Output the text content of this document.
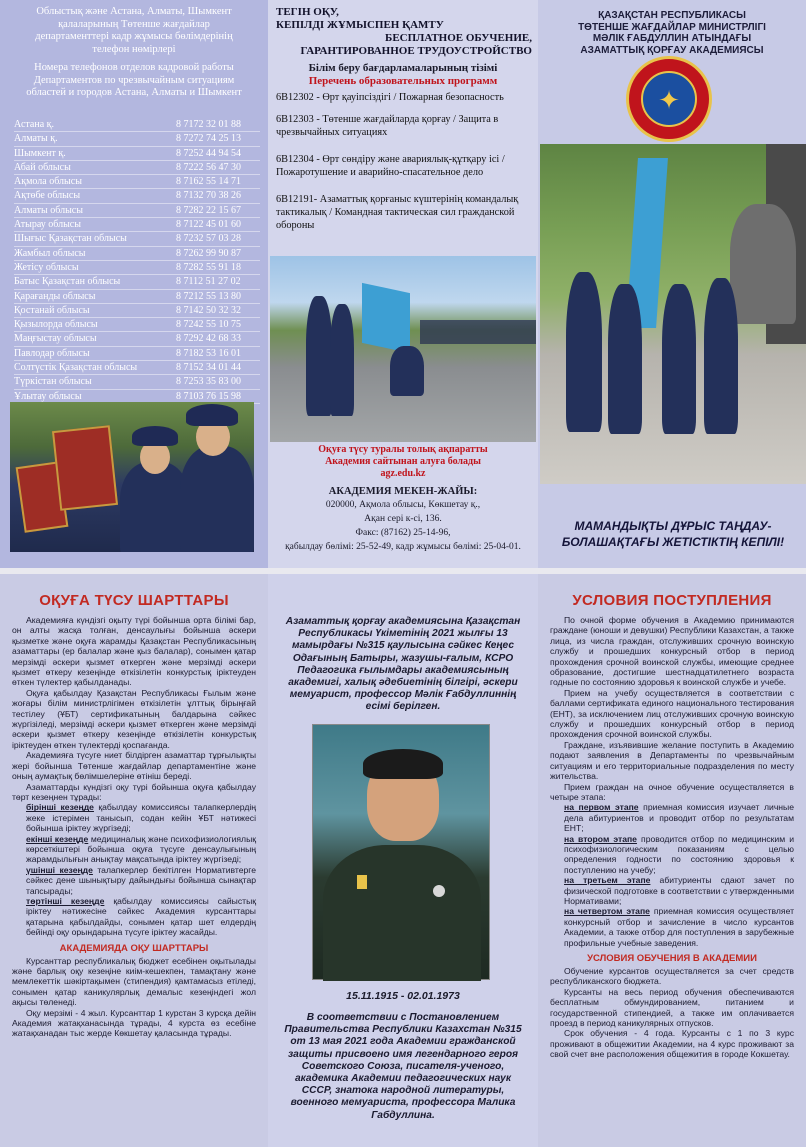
Облыстық және Астана, Алматы, Шымкент
қалаларының Төтенше жағдайлар
департаменттері кадр жұмысы бөлімдерінің
телефон нөмірлері
Номера телефонов отделов кадровой работы
Департаментов по чрезвычайным ситуациям
областей и городов Астана, Алматы и Шымкент
Астана қ.	8 7172 32 01 88
Алматы қ.	8 7272 74 25 13
Шымкент қ.	8 7252 44 94 54
Абай облысы	8 7222 56 47 30
Ақмола облысы	8 7162 55 14 71
Ақтөбе облысы	8 7132 70 38 26
Алматы облысы	8 7282 22 15 67
Атырау облысы	8 7122 45 01 60
Шығыс Қазақстан облысы	8 7232 57 03 28
Жамбыл облысы	8 7262 99 90 87
Жетісу облысы	8 7282 55 91 18
Батыс Қазақстан облысы	8 7112 51 27 02
Қарағанды облысы	8 7212 55 13 80
Қостанай облысы	8 7142 50 32 32
Қызылорда облысы	8 7242 55 10 75
Маңғыстау облысы	8 7292 42 68 33
Павлодар облысы	8 7182 53 16 01
Солтүстік Қазақстан облысы	8 7152 34 01 44
Түркістан облысы	8 7253 35 83 00
Ұлытау облысы	8 7103 76 15 98
ТЕГІН ОҚУ,
КЕПІЛДІ ЖҰМЫСПЕН ҚАМТУ
БЕСПЛАТНОЕ ОБУЧЕНИЕ,
ГАРАНТИРОВАННОЕ ТРУДОУСТРОЙСТВО
Білім беру бағдарламаларының тізімі
Перечень образовательных программ
6В12302 - Өрт қауіпсіздігі / Пожарная безопасность
6В12303 - Төтенше жағдайларда қорғау / Защита в чрезвычайных ситуациях
6В12304 - Өрт сөндіру және авариялық-құтқару ісі / Пожаротушение и аварийно-спасательное дело
6В12191- Азаматтық қорғаныс күштерінің командалық тактикалық / Командная тактическая сил гражданской обороны
Оқуға түсу туралы толық ақпаратты
Академия сайтынан алуға болады
agz.edu.kz
АКАДЕМИЯ МЕКЕН-ЖАЙЫ:
020000, Ақмола облысы, Көкшетау қ.,
Ақан сері к-сі, 136.
Факс: (87162) 25-14-96,
қабылдау бөлімі: 25-52-49, кадр жұмысы бөлімі: 25-04-01.
ҚАЗАҚСТАН РЕСПУБЛИКАСЫ
ТӨТЕНШЕ ЖАҒДАЙЛАР МИНИСТРЛІГІ
МӘЛІК ҒАБДУЛЛИН АТЫНДАҒЫ
АЗАМАТТЫҚ ҚОРҒАУ АКАДЕМИЯСЫ
✦
МАМАНДЫҚТЫ ДҰРЫС ТАҢДАУ-
БОЛАШАҚТАҒЫ ЖЕТІСТІКТІҢ КЕПІЛІ!
ОҚУҒА ТҮСУ ШАРТТАРЫ
Академияға күндізгі оқыту түрі бойынша орта білімі бар, он алты жасқа толған, денсаулығы бойынша әскери қызметке және оқуға жарамды Қазақстан Республикасының азаматтары (ер балалар және қыз балалар), сонымен қатар мерзімді әскери қызмет өткерген және мерзімді әскери қызмет өткеру кезеңінде өткізілетін конкурстық іріктеуден өткен түлектер қабылданады.
Оқуға қабылдау Қазақстан Республикасы Ғылым және жоғары білім министрлігімен өткізілетін ұлттық бірыңғай тестілеу (ҰБТ) сертификатының балдарына сәйкес жүргізіледі, мерзімді әскери қызмет өткерген және мерзімді әскери қызмет өткеру кезеңінде өткізілетін конкурстық іріктеуден өткен түлектерді қоспағанда.
Академияға түсуге ниет білдірген азаматтар тұрғылықты жері бойынша Төтенше жағдайлар департаментіне және оның аумақтық бөлімшелеріне өтініш береді.
Азаматтарды күндізгі оқу түрі бойынша оқуға қабылдау төрт кезеңнен тұрады:
бірінші кезеңде қабылдау комиссиясы талапкерлердің жеке істерімен танысып, содан кейін ҰБТ нәтижесі бойынша іріктеу жүргізеді;
екінші кезеңде медициналық және психофизиологиялық көрсеткіштері бойынша оқуға түсуге денсаулығының жарамдылығын анықтау мақсатында іріктеу жүргізеді;
үшінші кезеңде талапкерлер бекітілген Нормативтерге сәйкес дене шынықтыру дайындығы бойынша сынақтар тапсырады;
төртінші кезеңде қабылдау комиссиясы сайыстық іріктеу нәтижесіне сәйкес Академия курсанттары қатарына қабылдайды, сонымен қатар шет елдердің бейінді оқу орындарына түсуге іріктеу жасайды.
АКАДЕМИЯДА ОҚУ ШАРТТАРЫ
Курсанттар республикалық бюджет есебінен оқытылады және барлық оқу кезеңіне киім-кешекпен, тамақтану және мемлекеттік шәкіртақымен (стипендия) қамтамасыз етіледі, сонымен қатар каникулярлық демалыс кезеңіндегі жол ақысы төленеді.
Оқу мерзімі - 4 жыл. Курсанттар 1 курстан 3 курсқа дейін Академия жатақханасында тұрады, 4 курста өз есебіне жатақханадан тыс жерде Көкшетау қаласында тұрады.
Азаматтық қорғау академиясына Қазақстан Республикасы Үкіметінің 2021 жылғы 13 мамырдағы №315 қаулысына сәйкес Кеңес Одағының Батыры, жазушы-ғалым, КСРО Педагогика ғылымдары академиясының академигі, халық әдебиетінің білгірі, әскери мемуарист, профессор Мәлік Ғабдуллиннің есімі берілген.
15.11.1915 - 02.01.1973
В соответствии с Постановлением Правительства Республики Казахстан №315 от 13 мая 2021 года Академии гражданской защиты присвоено имя легендарного героя Советского Союза, писателя-ученого, академика Академии педагогических наук СССР, знатока народной литературы, военного мемуариста, профессора Малика Габдуллина.
УСЛОВИЯ ПОСТУПЛЕНИЯ
По очной форме обучения в Академию принимаются граждане (юноши и девушки) Республики Казахстан, а также лица, из числа граждан, отслуживших срочную воинскую службу и прошедших конкурсный отбор в период прохождения срочной воинской службы, имеющие среднее образование, достигшие шестнадцатилетнего возраста годные по состоянию здоровья к воинской службе и учебе.
Прием на учебу осуществляется в соответствии с баллами сертификата единого национального тестирования (ЕНТ), за исключением лиц отслуживших срочную воинскую службу и прошедших конкурсный отбор в период прохождения срочной воинской службы.
Граждане, изъявившие желание поступить в Академию подают заявления в Департаменты по чрезвычайным ситуациям и его территориальные подразделения по месту жительства.
Прием граждан на очное обучение осуществляется в четыре этапа:
на первом этапе приемная комиссия изучает личные дела абитуриентов и проводит отбор по результатам ЕНТ;
на втором этапе проводится отбор по медицинским и психофизиологическим показаниям с целью определения годности по состоянию здоровья к поступлению на учебу;
на третьем этапе абитуриенты сдают зачет по физической подготовке в соответствии с утвержденными Нормативами;
на четвертом этапе приемная комиссия осуществляет конкурсный отбор и зачисление в число курсантов Академии, а также отбор для поступления в зарубежные профильные учебные заведения.
УСЛОВИЯ ОБУЧЕНИЯ В АКАДЕМИИ
Обучение курсантов осуществляется за счет средств республиканского бюджета.
Курсанты на весь период обучения обеспечиваются бесплатным обмундированием, питанием и государственной стипендией, а также им оплачивается проезд в период каникулярных отпусков.
Срок обучения - 4 года. Курсанты с 1 по 3 курс проживают в общежитии Академии, на 4 курс проживают за свой счет вне расположения общежития в городе Кокшетау.
